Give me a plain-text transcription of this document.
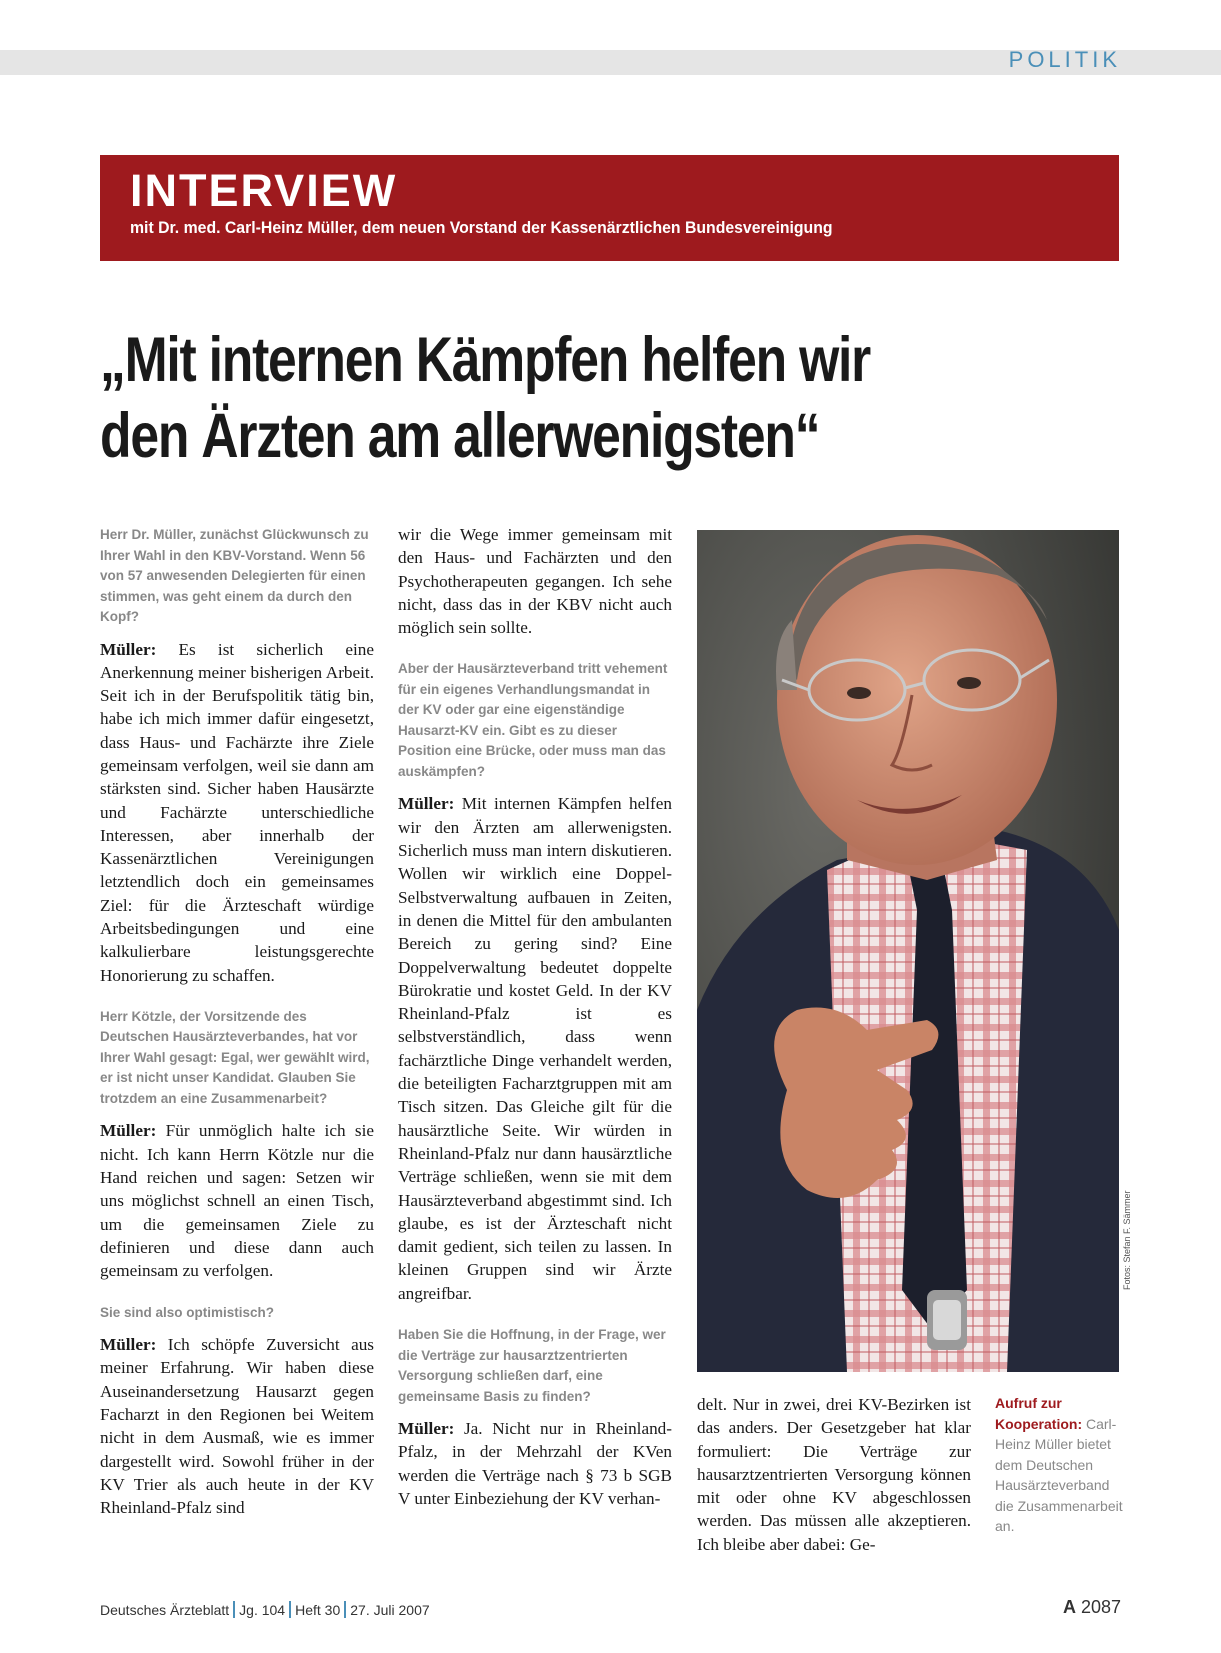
POLITIK
INTERVIEW
mit Dr. med. Carl-Heinz Müller, dem neuen Vorstand der Kassenärztlichen Bundesvereinigung
„Mit internen Kämpfen helfen wir
den Ärzten am allerwenigsten“

Herr Dr. Müller, zunächst Glückwunsch zu Ihrer Wahl in den KBV-Vorstand. Wenn 56 von 57 anwesenden Delegierten für einen stimmen, was geht einem da durch den Kopf?

Müller: Es ist sicherlich eine Anerkennung meiner bisherigen Arbeit. Seit ich in der Berufspolitik tätig bin, habe ich mich immer dafür eingesetzt, dass Haus- und Fachärzte ihre Ziele gemeinsam verfolgen, weil sie dann am stärksten sind. Sicher haben Hausärzte und Fachärzte unterschiedliche Interessen, aber innerhalb der Kassenärztlichen Vereinigungen letztendlich doch ein gemeinsames Ziel: für die Ärzteschaft würdige Arbeitsbedingungen und eine kalkulierbare leistungsgerechte Honorierung zu schaffen.

Herr Kötzle, der Vorsitzende des Deutschen Hausärzteverbandes, hat vor Ihrer Wahl gesagt: Egal, wer gewählt wird, er ist nicht unser Kandidat. Glauben Sie trotzdem an eine Zusammenarbeit?

Müller: Für unmöglich halte ich sie nicht. Ich kann Herrn Kötzle nur die Hand reichen und sagen: Setzen wir uns möglichst schnell an einen Tisch, um die gemeinsamen Ziele zu definieren und diese dann auch gemeinsam zu verfolgen.

Sie sind also optimistisch?

Müller: Ich schöpfe Zuversicht aus meiner Erfahrung. Wir haben diese Auseinandersetzung Hausarzt gegen Facharzt in den Regionen bei Weitem nicht in dem Ausmaß, wie es immer dargestellt wird. Sowohl früher in der KV Trier als auch heute in der KV Rheinland-Pfalz sind

wir die Wege immer gemeinsam mit den Haus- und Fachärzten und den Psychotherapeuten gegangen. Ich sehe nicht, dass das in der KBV nicht auch möglich sein sollte.

Aber der Hausärzteverband tritt vehement für ein eigenes Verhandlungsmandat in der KV oder gar eine eigenständige Hausarzt-KV ein. Gibt es zu dieser Position eine Brücke, oder muss man das auskämpfen?

Müller: Mit internen Kämpfen helfen wir den Ärzten am allerwenigsten. Sicherlich muss man intern diskutieren. Wollen wir wirklich eine Doppel-Selbstverwaltung aufbauen in Zeiten, in denen die Mittel für den ambulanten Bereich zu gering sind? Eine Doppelverwaltung bedeutet doppelte Bürokratie und kostet Geld. In der KV Rheinland-Pfalz ist es selbstverständlich, dass wenn fachärztliche Dinge verhandelt werden, die beteiligten Facharztgruppen mit am Tisch sitzen. Das Gleiche gilt für die hausärztliche Seite. Wir würden in Rheinland-Pfalz nur dann hausärztliche Verträge schließen, wenn sie mit dem Hausärzteverband abgestimmt sind. Ich glaube, es ist der Ärzteschaft nicht damit gedient, sich teilen zu lassen. In kleinen Gruppen sind wir Ärzte angreifbar.

Haben Sie die Hoffnung, in der Frage, wer die Verträge zur hausarztzentrierten Versorgung schließen darf, eine gemeinsame Basis zu finden?

Müller: Ja. Nicht nur in Rheinland-Pfalz, in der Mehrzahl der KVen werden die Verträge nach § 73 b SGB V unter Einbeziehung der KV verhan-

Fotos: Stefan F. Sämmer

delt. Nur in zwei, drei KV-Bezirken ist das anders. Der Gesetzgeber hat klar formuliert: Die Verträge zur hausarztzentrierten Versorgung können mit oder ohne KV abgeschlossen werden. Das müssen alle akzeptieren. Ich bleibe aber dabei: Ge-

Aufruf zur Kooperation: Carl-Heinz Müller bietet dem Deutschen Hausärzteverband die Zusammenarbeit an.
Deutsches Ärzteblatt Jg. 104 Heft 30 27. Juli 2007	A 2087
